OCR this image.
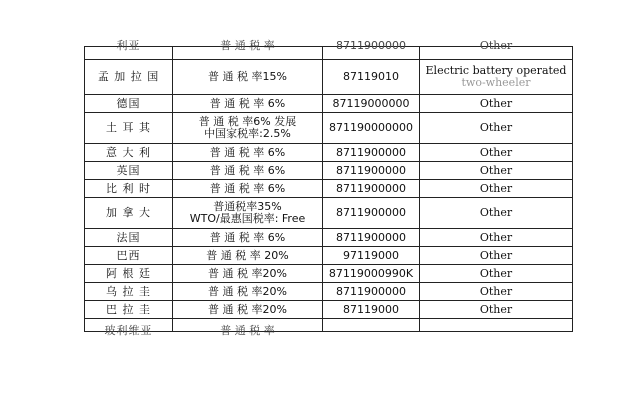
利亚	普 通 税 率	8711900000	Other

孟 加 拉 国	普 通 税 率15%	87119010	Electric battery operated
two-wheeler

德国	普 通 税 率 6%	87119000000	Other

土 耳 其	普 通 税 率6% 发展
中国家税率:2.5%	871190000000	Other

意 大 利	普 通 税 率 6%	8711900000	Other

英国	普 通 税 率 6%	8711900000	Other

比 利 时	普 通 税 率 6%	8711900000	Other

加 拿 大	普通税率35%
WTO/最惠国税率: Free	8711900000	Other

法国	普 通 税 率 6%	8711900000	Other

巴西	普 通 税 率 20%	97119000	Other

阿 根 廷	普 通 税 率20%	87119000990K	Other

乌 拉 圭	普 通 税 率20%	8711900000	Other

巴 拉 圭	普 通 税 率20%	87119000	Other

玻利维亚	普 通 税 率		
